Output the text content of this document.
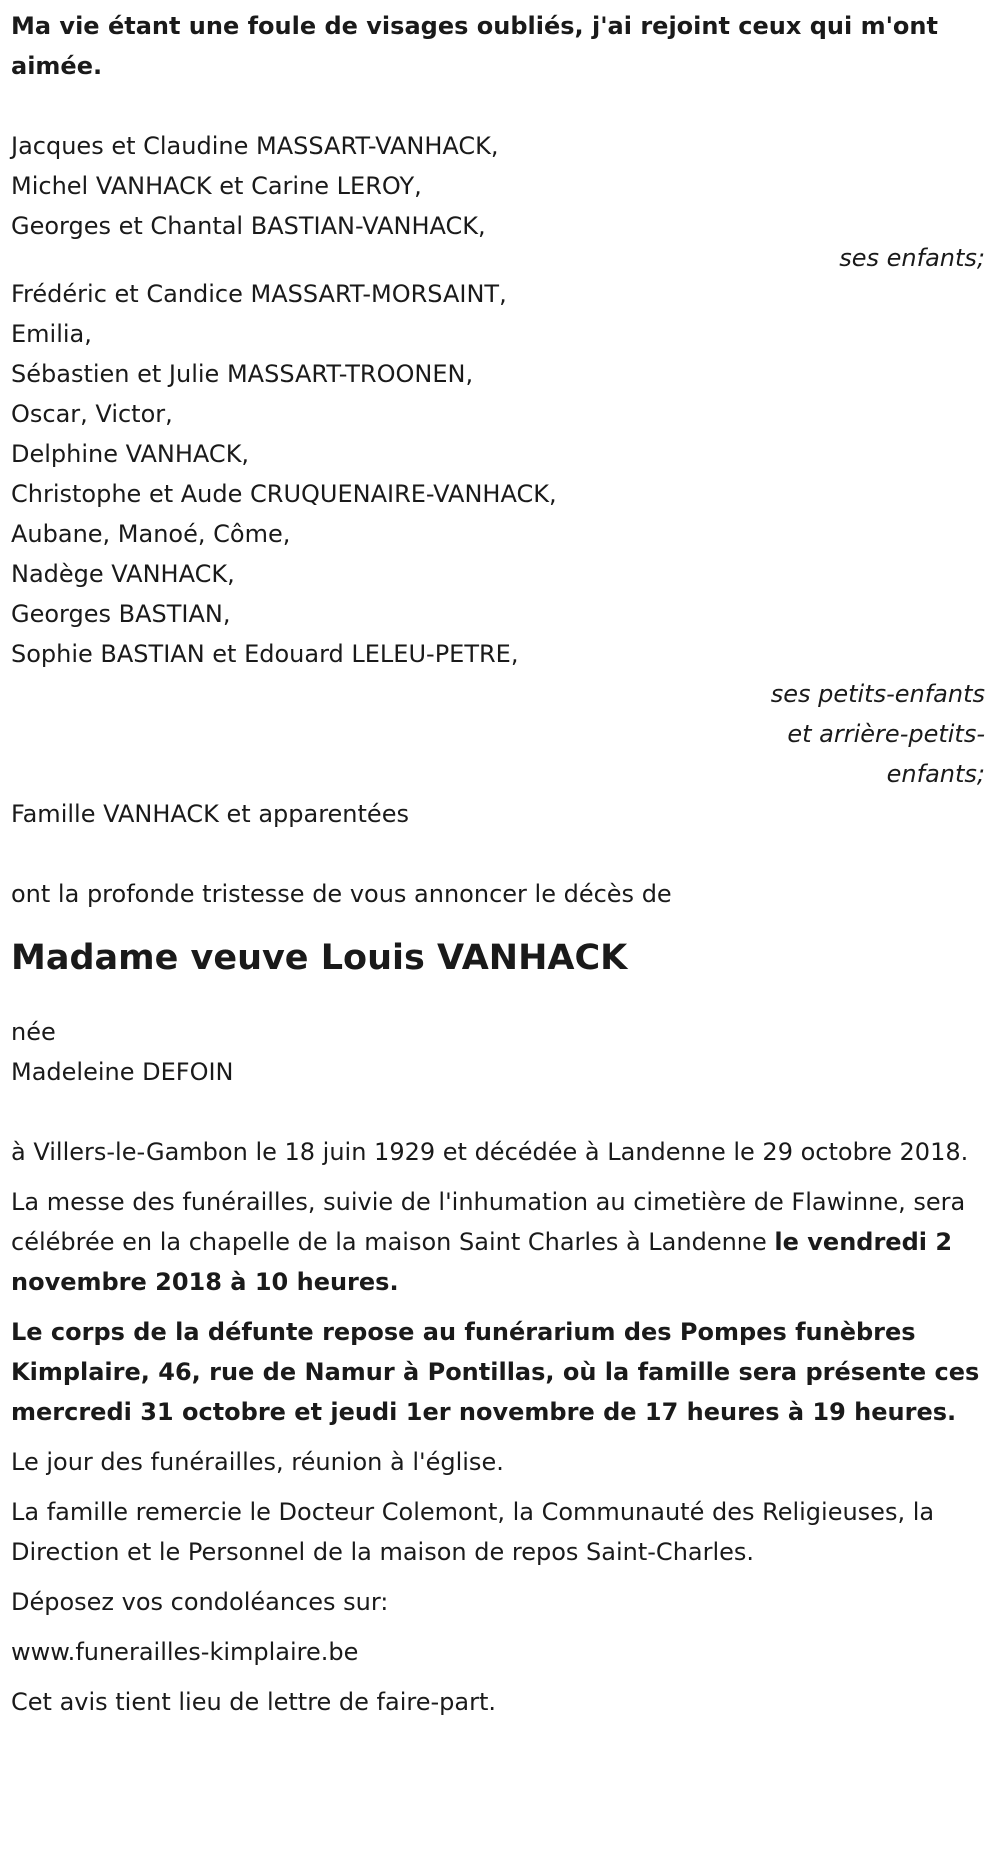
Ma vie étant une foule de visages oubliés, j'ai rejoint ceux qui m'ont aimée.
Jacques et Claudine MASSART-VANHACK,
Michel VANHACK et Carine LEROY,
Georges et Chantal BASTIAN-VANHACK,
ses enfants;
Frédéric et Candice MASSART-MORSAINT,
Emilia,
Sébastien et Julie MASSART-TROONEN,
Oscar, Victor,
Delphine VANHACK,
Christophe et Aude CRUQUENAIRE-VANHACK,
Aubane, Manoé, Côme,
Nadège VANHACK,
Georges BASTIAN,
Sophie BASTIAN et Edouard LELEU-PETRE,
ses petits-enfants
et arrière-petits-
enfants;
Famille VANHACK et apparentées
ont la profonde tristesse de vous annoncer le décès de
Madame veuve Louis VANHACK
née
Madeleine DEFOIN
à Villers-le-Gambon le 18 juin 1929 et décédée à Landenne le 29 octobre 2018.
La messe des funérailles, suivie de l'inhumation au cimetière de Flawinne, sera célébrée en la chapelle de la maison Saint Charles à Landenne le vendredi 2 novembre 2018 à 10 heures.
Le corps de la défunte repose au funérarium des Pompes funèbres Kimplaire, 46, rue de Namur à Pontillas, où la famille sera présente ces mercredi 31 octobre et jeudi 1er novembre de 17 heures à 19 heures.
Le jour des funérailles, réunion à l'église.
La famille remercie le Docteur Colemont, la Communauté des Religieuses, la Direction et le Personnel de la maison de repos Saint-Charles.
Déposez vos condoléances sur:
www.funerailles-kimplaire.be
Cet avis tient lieu de lettre de faire-part.
